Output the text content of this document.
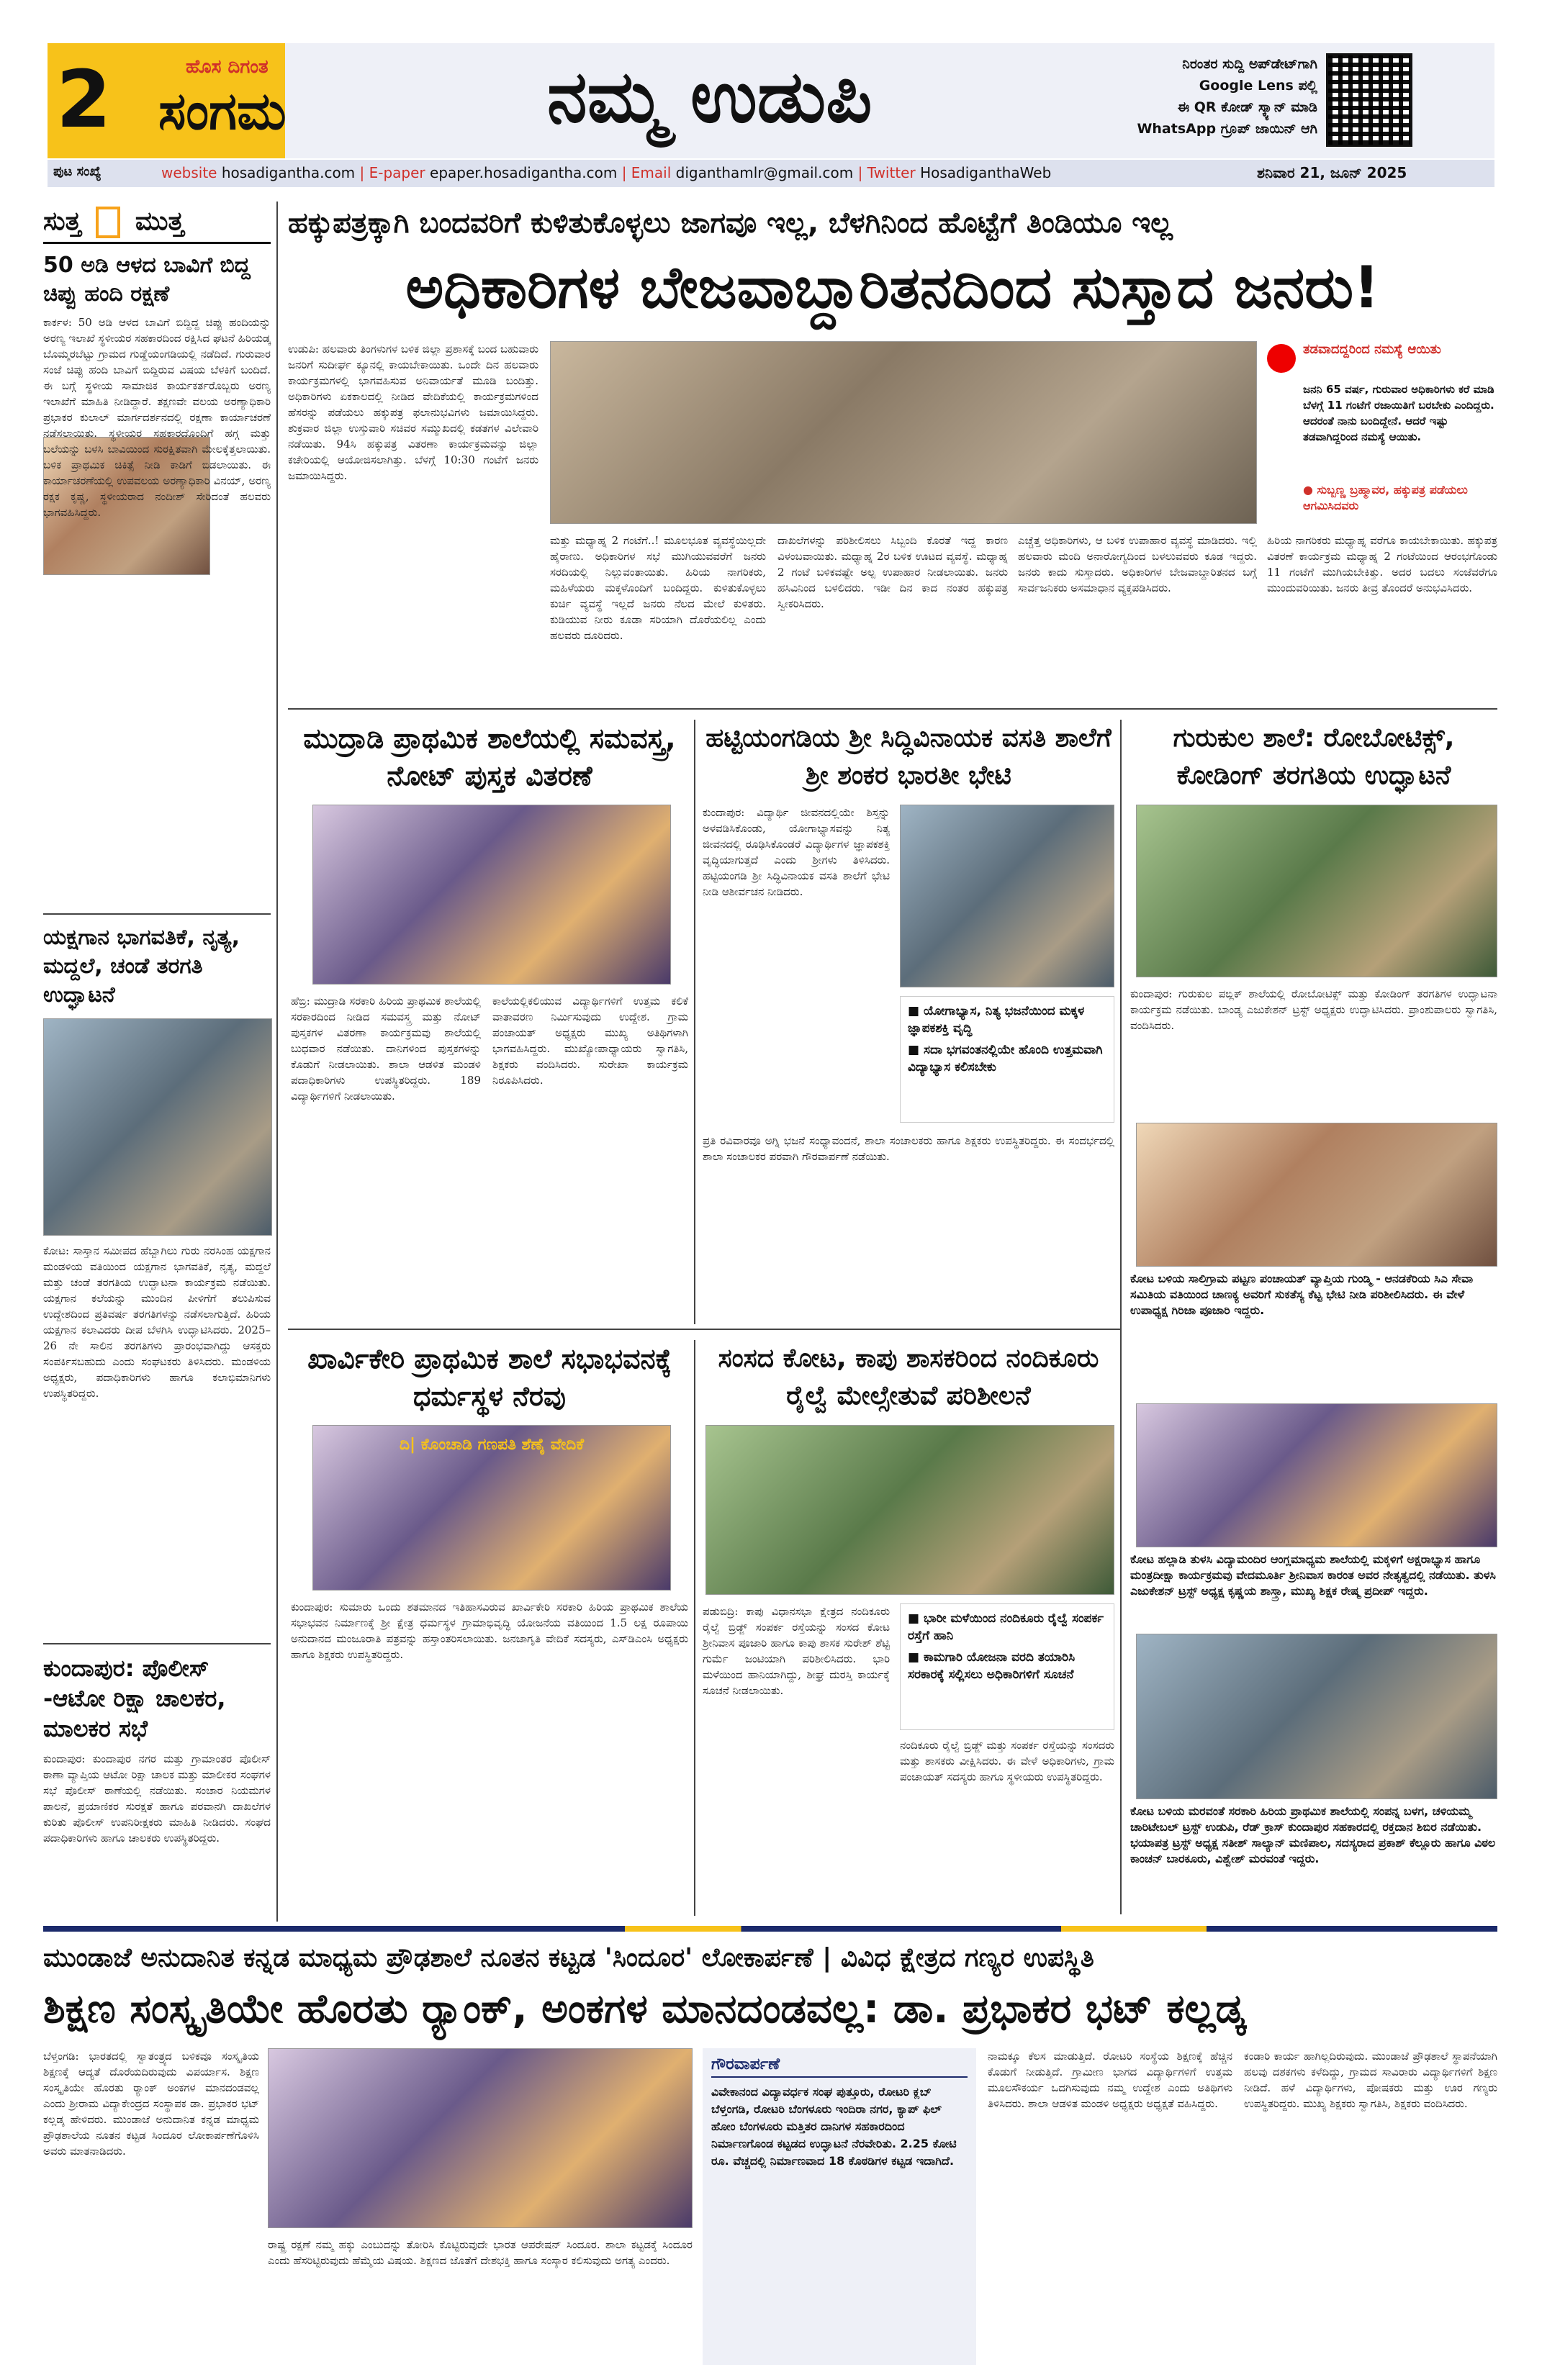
2	ಹೊಸ ದಿಗಂತ
ಸಂಗಮ	ನಮ್ಮ ಉಡುಪಿ	ನಿರಂತರ ಸುದ್ದಿ ಅಪ್‌ಡೇಟ್‌ಗಾಗಿ
Google Lens ಪಲ್ಲಿ
ಈ QR ಕೋಡ್ ಸ್ಕ್ಯಾನ್ ಮಾಡಿ
WhatsApp ಗ್ರೂಪ್ ಜಾಯಿನ್ ಆಗಿ
ಪುಟ ಸಂಖ್ಯೆ	website hosadigantha.com | E-paper epaper.hosadigantha.com | Email diganthamlr@gmail.com | Twitter HosadiganthaWeb	ಶನಿವಾರ 21, ಜೂನ್ 2025
ಸುತ್ತ ಮುತ್ತ
50 ಅಡಿ ಆಳದ ಬಾವಿಗೆ ಬಿದ್ದ ಚಿಪ್ಪು ಹಂದಿ ರಕ್ಷಣೆ
ಕಾರ್ಕಳ: 50 ಅಡಿ ಆಳದ ಬಾವಿಗೆ ಬಿದ್ದಿದ್ದ ಚಿಪ್ಪು ಹಂದಿಯನ್ನು ಅರಣ್ಯ ಇಲಾಖೆ ಸ್ಥಳೀಯರ ಸಹಕಾರದಿಂದ ರಕ್ಷಿಸಿದ ಘಟನೆ ಹಿರಿಯಡ್ಕ ಬೊಮ್ಮರಬೆಟ್ಟು ಗ್ರಾಮದ ಗುಡ್ಡೆಯಂಗಡಿಯಲ್ಲಿ ನಡೆದಿದೆ. ಗುರುವಾರ ಸಂಜೆ ಚಿಪ್ಪು ಹಂದಿ ಬಾವಿಗೆ ಬಿದ್ದಿರುವ ವಿಷಯ ಬೆಳಕಿಗೆ ಬಂದಿದೆ. ಈ ಬಗ್ಗೆ ಸ್ಥಳೀಯ ಸಾಮಾಜಿಕ ಕಾರ್ಯಕರ್ತರೊಬ್ಬರು ಅರಣ್ಯ ಇಲಾಖೆಗೆ ಮಾಹಿತಿ ನೀಡಿದ್ದಾರೆ. ತಕ್ಷಣವೇ ವಲಯ ಅರಣ್ಯಾಧಿಕಾರಿ ಪ್ರಭಾಕರ ಕುಲಾಲ್ ಮಾರ್ಗದರ್ಶನದಲ್ಲಿ ರಕ್ಷಣಾ ಕಾರ್ಯಾಚರಣೆ ನಡೆಸಲಾಯಿತು. ಸ್ಥಳೀಯರ ಸಹಕಾರದೊಂದಿಗೆ ಹಗ್ಗ ಮತ್ತು ಬಲೆಯನ್ನು ಬಳಸಿ ಬಾವಿಯಿಂದ ಸುರಕ್ಷಿತವಾಗಿ ಮೇಲಕ್ಕೆತ್ತಲಾಯಿತು. ಬಳಿಕ ಪ್ರಾಥಮಿಕ ಚಿಕಿತ್ಸೆ ನೀಡಿ ಕಾಡಿಗೆ ಬಿಡಲಾಯಿತು. ಈ ಕಾರ್ಯಾಚರಣೆಯಲ್ಲಿ ಉಪವಲಯ ಅರಣ್ಯಾಧಿಕಾರಿ ವಿನಯ್, ಅರಣ್ಯ ರಕ್ಷಕ ಕೃಷ್ಣ, ಸ್ಥಳೀಯರಾದ ನಂದೀಶ್ ಸೇರಿದಂತೆ ಹಲವರು ಭಾಗವಹಿಸಿದ್ದರು.
ಯಕ್ಷಗಾನ ಭಾಗವತಿಕೆ, ನೃತ್ಯ, ಮದ್ದಲೆ, ಚಂಡೆ ತರಗತಿ ಉದ್ಘಾಟನೆ
ಕೋಟ: ಸಾಸ್ತಾನ ಸಮೀಪದ ಹೆಬ್ಬಾಗಿಲು ಗುರು ನರಸಿಂಹ ಯಕ್ಷಗಾನ ಮಂಡಳಿಯ ವತಿಯಿಂದ ಯಕ್ಷಗಾನ ಭಾಗವತಿಕೆ, ನೃತ್ಯ, ಮದ್ದಲೆ ಮತ್ತು ಚಂಡೆ ತರಗತಿಯ ಉದ್ಘಾಟನಾ ಕಾರ್ಯಕ್ರಮ ನಡೆಯಿತು. ಯಕ್ಷಗಾನ ಕಲೆಯನ್ನು ಮುಂದಿನ ಪೀಳಿಗೆಗೆ ತಲುಪಿಸುವ ಉದ್ದೇಶದಿಂದ ಪ್ರತಿವರ್ಷ ತರಗತಿಗಳನ್ನು ನಡೆಸಲಾಗುತ್ತಿದೆ. ಹಿರಿಯ ಯಕ್ಷಗಾನ ಕಲಾವಿದರು ದೀಪ ಬೆಳಗಿಸಿ ಉದ್ಘಾಟಿಸಿದರು. 2025–26 ನೇ ಸಾಲಿನ ತರಗತಿಗಳು ಪ್ರಾರಂಭವಾಗಿದ್ದು ಆಸಕ್ತರು ಸಂಪರ್ಕಿಸಬಹುದು ಎಂದು ಸಂಘಟಕರು ತಿಳಿಸಿದರು. ಮಂಡಳಿಯ ಅಧ್ಯಕ್ಷರು, ಪದಾಧಿಕಾರಿಗಳು ಹಾಗೂ ಕಲಾಭಿಮಾನಿಗಳು ಉಪಸ್ಥಿತರಿದ್ದರು.
ಕುಂದಾಪುರ: ಪೊಲೀಸ್ -ಆಟೋ ರಿಕ್ಷಾ ಚಾಲಕರ, ಮಾಲಕರ ಸಭೆ
ಕುಂದಾಪುರ: ಕುಂದಾಪುರ ನಗರ ಮತ್ತು ಗ್ರಾಮಾಂತರ ಪೊಲೀಸ್ ಠಾಣಾ ವ್ಯಾಪ್ತಿಯ ಆಟೋ ರಿಕ್ಷಾ ಚಾಲಕ ಮತ್ತು ಮಾಲೀಕರ ಸಂಘಗಳ ಸಭೆ ಪೊಲೀಸ್ ಠಾಣೆಯಲ್ಲಿ ನಡೆಯಿತು. ಸಂಚಾರ ನಿಯಮಗಳ ಪಾಲನೆ, ಪ್ರಯಾಣಿಕರ ಸುರಕ್ಷತೆ ಹಾಗೂ ಪರವಾನಗಿ ದಾಖಲೆಗಳ ಕುರಿತು ಪೊಲೀಸ್ ಉಪನಿರೀಕ್ಷಕರು ಮಾಹಿತಿ ನೀಡಿದರು. ಸಂಘದ ಪದಾಧಿಕಾರಿಗಳು ಹಾಗೂ ಚಾಲಕರು ಉಪಸ್ಥಿತರಿದ್ದರು.
ಹಕ್ಕುಪತ್ರಕ್ಕಾಗಿ ಬಂದವರಿಗೆ ಕುಳಿತುಕೊಳ್ಳಲು ಜಾಗವೂ ಇಲ್ಲ, ಬೆಳಗಿನಿಂದ ಹೊಟ್ಟೆಗೆ ತಿಂಡಿಯೂ ಇಲ್ಲ
ಅಧಿಕಾರಿಗಳ ಬೇಜವಾಬ್ದಾರಿತನದಿಂದ ಸುಸ್ತಾದ ಜನರು!
ಉಡುಪಿ: ಹಲವಾರು ತಿಂಗಳುಗಳ ಬಳಿಕ ಜಿಲ್ಲಾ ಪ್ರಶಾಸಕ್ಕೆ ಬಂದ ಬಹುವಾರು ಜನರಿಗೆ ಸುದೀರ್ಘ ಕ್ಯೂನಲ್ಲಿ ಕಾಯಬೇಕಾಯಿತು. ಒಂದೇ ದಿನ ಹಲವಾರು ಕಾರ್ಯಕ್ರಮಗಳಲ್ಲಿ ಭಾಗವಹಿಸುವ ಅನಿವಾರ್ಯತೆ ಮೂಡಿ ಬಂದಿತ್ತು. ಅಧಿಕಾರಿಗಳು ಏಕಕಾಲದಲ್ಲಿ ನೀಡಿದ ವೇದಿಕೆಯಲ್ಲಿ ಕಾರ್ಯಕ್ರಮಗಳಿಂದ ಹೆಸರನ್ನು ಪಡೆಯಲು ಹಕ್ಕುಪತ್ರ ಫಲಾನುಭವಿಗಳು ಜಮಾಯಿಸಿದ್ದರು. ಶುಕ್ರವಾರ ಜಿಲ್ಲಾ ಉಸ್ತುವಾರಿ ಸಚಿವರ ಸಮ್ಮುಖದಲ್ಲಿ ಕಡತಗಳ ವಿಲೇವಾರಿ ನಡೆಯಿತು. 94ಸಿ ಹಕ್ಕುಪತ್ರ ವಿತರಣಾ ಕಾರ್ಯಕ್ರಮವನ್ನು ಜಿಲ್ಲಾ ಕಚೇರಿಯಲ್ಲಿ ಆಯೋಜಿಸಲಾಗಿತ್ತು. ಬೆಳಗ್ಗೆ 10:30 ಗಂಟೆಗೆ ಜನರು ಜಮಾಯಿಸಿದ್ದರು.
ಮತ್ತು ಮಧ್ಯಾಹ್ನ 2 ಗಂಟೆಗೆ..! ಮೂಲಭೂತ ವ್ಯವಸ್ಥೆಯಿಲ್ಲದೇ ಹೈರಾಣು. ಅಧಿಕಾರಿಗಳ ಸಭೆ ಮುಗಿಯುವವರೆಗೆ ಜನರು ಸರದಿಯಲ್ಲಿ ನಿಲ್ಲುವಂತಾಯಿತು. ಹಿರಿಯ ನಾಗರಿಕರು, ಮಹಿಳೆಯರು ಮಕ್ಕಳೊಂದಿಗೆ ಬಂದಿದ್ದರು. ಕುಳಿತುಕೊಳ್ಳಲು ಕುರ್ಚಿ ವ್ಯವಸ್ಥೆ ಇಲ್ಲದೆ ಜನರು ನೆಲದ ಮೇಲೆ ಕುಳಿತರು. ಕುಡಿಯುವ ನೀರು ಕೂಡಾ ಸರಿಯಾಗಿ ದೊರೆಯಲಿಲ್ಲ ಎಂದು ಹಲವರು ದೂರಿದರು.
ದಾಖಲೆಗಳನ್ನು ಪರಿಶೀಲಿಸಲು ಸಿಬ್ಬಂದಿ ಕೊರತೆ ಇದ್ದ ಕಾರಣ ವಿಳಂಬವಾಯಿತು. ಮಧ್ಯಾಹ್ನ 2ರ ಬಳಿಕ ಊಟದ ವ್ಯವಸ್ಥೆ. ಮಧ್ಯಾಹ್ನ 2 ಗಂಟೆ ಬಳಿಕವಷ್ಟೇ ಅಲ್ಪ ಉಪಾಹಾರ ನೀಡಲಾಯಿತು. ಜನರು ಹಸಿವಿನಿಂದ ಬಳಲಿದರು. ಇಡೀ ದಿನ ಕಾದ ನಂತರ ಹಕ್ಕುಪತ್ರ ಸ್ವೀಕರಿಸಿದರು.
ಎಚ್ಚೆತ್ತ ಅಧಿಕಾರಿಗಳು, ಆ ಬಳಿಕ ಉಪಾಹಾರ ವ್ಯವಸ್ಥೆ ಮಾಡಿದರು. ಇಲ್ಲಿ ಹಲವಾರು ಮಂದಿ ಅನಾರೋಗ್ಯದಿಂದ ಬಳಲುವವರು ಕೂಡ ಇದ್ದರು. ಜನರು ಕಾದು ಸುಸ್ತಾದರು. ಅಧಿಕಾರಿಗಳ ಬೇಜವಾಬ್ದಾರಿತನದ ಬಗ್ಗೆ ಸಾರ್ವಜನಿಕರು ಅಸಮಾಧಾನ ವ್ಯಕ್ತಪಡಿಸಿದರು.
ತಡವಾದದ್ದರಿಂದ ನಮಸ್ಯೆ ಆಯಿತು
ಜನನಿ 65 ವರ್ಷ, ಗುರುವಾರ ಅಧಿಕಾರಿಗಳು ಕರೆ ಮಾಡಿ ಬೆಳಗ್ಗೆ 11 ಗಂಟೆಗೆ ರಜಾಯಿತಿಗೆ ಬರಬೇಕು ಎಂದಿದ್ದರು. ಆದರಂತೆ ನಾನು ಬಂದಿದ್ದೇನೆ. ಆದರೆ ಇಷ್ಟು ತಡವಾಗಿದ್ದರಿಂದ ನಮಸ್ಯೆ ಆಯಿತು.
● ಸುಬ್ಬಣ್ಣ ಬ್ರಹ್ಮಾವರ, ಹಕ್ಕುಪತ್ರ ಪಡೆಯಲು ಆಗಮಿಸಿದವರು
ಹಿರಿಯ ನಾಗರಿಕರು ಮಧ್ಯಾಹ್ನ ವರೆಗೂ ಕಾಯಬೇಕಾಯಿತು. ಹಕ್ಕುಪತ್ರ ವಿತರಣೆ ಕಾರ್ಯಕ್ರಮ ಮಧ್ಯಾಹ್ನ 2 ಗಂಟೆಯಿಂದ ಆರಂಭಗೊಂಡು 11 ಗಂಟೆಗೆ ಮುಗಿಯಬೇಕಿತ್ತು. ಅದರ ಬದಲು ಸಂಜೆವರೆಗೂ ಮುಂದುವರಿಯಿತು. ಜನರು ತೀವ್ರ ತೊಂದರೆ ಅನುಭವಿಸಿದರು.
ಮುದ್ರಾಡಿ ಪ್ರಾಥಮಿಕ ಶಾಲೆಯಲ್ಲಿ ಸಮವಸ್ತ್ರ, ನೋಟ್ ಪುಸ್ತಕ ವಿತರಣೆ
ಹೆಬ್ರಿ: ಮುದ್ರಾಡಿ ಸರಕಾರಿ ಹಿರಿಯ ಪ್ರಾಥಮಿಕ ಶಾಲೆಯಲ್ಲಿ ಸರಕಾರದಿಂದ ನೀಡಿದ ಸಮವಸ್ತ್ರ ಮತ್ತು ನೋಟ್ ಪುಸ್ತಕಗಳ ವಿತರಣಾ ಕಾರ್ಯಕ್ರಮವು ಶಾಲೆಯಲ್ಲಿ ಬುಧವಾರ ನಡೆಯಿತು. ದಾನಿಗಳಿಂದ ಪುಸ್ತಕಗಳನ್ನು ಕೊಡುಗೆ ನೀಡಲಾಯಿತು. ಶಾಲಾ ಆಡಳಿತ ಮಂಡಳಿ ಪದಾಧಿಕಾರಿಗಳು ಉಪಸ್ಥಿತರಿದ್ದರು. 189 ವಿದ್ಯಾರ್ಥಿಗಳಿಗೆ ನೀಡಲಾಯಿತು.
ಕಾಲೆಯಲ್ಲಿಕಲಿಯುವ ವಿದ್ಯಾರ್ಥಿಗಳಿಗೆ ಉತ್ತಮ ಕಲಿಕೆ ವಾತಾವರಣ ನಿರ್ಮಿಸುವುದು ಉದ್ದೇಶ. ಗ್ರಾಮ ಪಂಚಾಯತ್ ಅಧ್ಯಕ್ಷರು ಮುಖ್ಯ ಅತಿಥಿಗಳಾಗಿ ಭಾಗವಹಿಸಿದ್ದರು. ಮುಖ್ಯೋಪಾಧ್ಯಾಯರು ಸ್ವಾಗತಿಸಿ, ಶಿಕ್ಷಕರು ವಂದಿಸಿದರು. ಸುರೇಖಾ ಕಾರ್ಯಕ್ರಮ ನಿರೂಪಿಸಿದರು.
ಹಟ್ಟಿಯಂಗಡಿಯ ಶ್ರೀ ಸಿದ್ಧಿವಿನಾಯಕ ವಸತಿ ಶಾಲೆಗೆ ಶ್ರೀ ಶಂಕರ ಭಾರತೀ ಭೇಟಿ
ಕುಂದಾಪುರ: ವಿದ್ಯಾರ್ಥಿ ಜೀವನದಲ್ಲಿಯೇ ಶಿಸ್ತನ್ನು ಅಳವಡಿಸಿಕೊಂಡು, ಯೋಗಾಭ್ಯಾಸವನ್ನು ನಿತ್ಯ ಜೀವನದಲ್ಲಿ ರೂಢಿಸಿಕೊಂಡರೆ ವಿದ್ಯಾರ್ಥಿಗಳ ಜ್ಞಾಪಕಶಕ್ತಿ ವೃದ್ಧಿಯಾಗುತ್ತದೆ ಎಂದು ಶ್ರೀಗಳು ತಿಳಿಸಿದರು. ಹಟ್ಟಿಯಂಗಡಿ ಶ್ರೀ ಸಿದ್ಧಿವಿನಾಯಕ ವಸತಿ ಶಾಲೆಗೆ ಭೇಟಿ ನೀಡಿ ಆಶೀರ್ವಚನ ನೀಡಿದರು.
■ ಯೋಗಾಭ್ಯಾಸ, ನಿತ್ಯ ಭಜನೆಯಿಂದ ಮಕ್ಕಳ ಜ್ಞಾಪಕಶಕ್ತಿ ವೃದ್ಧಿ
■ ಸದಾ ಭಗವಂತನಲ್ಲಿಯೇ ಹೊಂದಿ ಉತ್ತಮವಾಗಿ ವಿದ್ಯಾಭ್ಯಾಸ ಕಲಿಸಬೇಕು
ಪ್ರತಿ ರವಿವಾರವೂ ಅಗ್ನಿ ಭಜನೆ ಸಂಧ್ಯಾವಂದನೆ, ಶಾಲಾ ಸಂಚಾಲಕರು ಹಾಗೂ ಶಿಕ್ಷಕರು ಉಪಸ್ಥಿತರಿದ್ದರು. ಈ ಸಂದರ್ಭದಲ್ಲಿ ಶಾಲಾ ಸಂಚಾಲಕರ ಪರವಾಗಿ ಗೌರವಾರ್ಪಣೆ ನಡೆಯಿತು.
ಗುರುಕುಲ ಶಾಲೆ: ರೋಬೋಟಿಕ್ಸ್, ಕೋಡಿಂಗ್ ತರಗತಿಯ ಉದ್ಘಾಟನೆ
ಕುಂದಾಪುರ: ಗುರುಕುಲ ಪಬ್ಲಿಕ್ ಶಾಲೆಯಲ್ಲಿ ರೋಬೋಟಿಕ್ಸ್ ಮತ್ತು ಕೋಡಿಂಗ್ ತರಗತಿಗಳ ಉದ್ಘಾಟನಾ ಕಾರ್ಯಕ್ರಮ ನಡೆಯಿತು. ಬಾಂಡ್ಯ ಎಜುಕೇಶನ್ ಟ್ರಸ್ಟ್ ಅಧ್ಯಕ್ಷರು ಉದ್ಘಾಟಿಸಿದರು. ಪ್ರಾಂಶುಪಾಲರು ಸ್ವಾಗತಿಸಿ, ವಂದಿಸಿದರು.
ಕೋಟ ಬಳಿಯ ಸಾಲಿಗ್ರಾಮ ಪಟ್ಟಣ ಪಂಚಾಯತ್ ವ್ಯಾಪ್ತಿಯ ಗುಂಡ್ಮಿ - ಆನಡಕೆರಿಯ ಸಿಎ ಸೇವಾ ಸಮಿತಿಯ ವತಿಯಿಂದ ಚಾಣಕ್ಯ ಅವರಿಗೆ ಸುಕತೆಸ್ಯ ಕೆಟ್ಟ ಭೇಟಿ ನೀಡಿ ಪರಿಶೀಲಿಸಿದರು. ಈ ವೇಳೆ ಉಪಾಧ್ಯಕ್ಷ ಗಿರಿಜಾ ಪೂಜಾರಿ ಇದ್ದರು.
ಕೋಟ ಹಲ್ಲಾಡಿ ತುಳಸಿ ವಿದ್ಯಾಮಂದಿರ ಆಂಗ್ಲಮಾಧ್ಯಮ ಶಾಲೆಯಲ್ಲಿ ಮಕ್ಕಳಿಗೆ ಅಕ್ಷರಾಭ್ಯಾಸ ಹಾಗೂ ಮಂತ್ರದೀಕ್ಷಾ ಕಾರ್ಯಕ್ರಮವು ವೇದಮೂರ್ತಿ ಶ್ರೀನಿವಾಸ ಕಾರಂತ ಅವರ ನೇತೃತ್ವದಲ್ಲಿ ನಡೆಯಿತು. ತುಳಸಿ ಎಜುಕೇಶನ್ ಟ್ರಸ್ಟ್ ಅಧ್ಯಕ್ಷ ಕೃಷ್ಣಯ ಶಾಸ್ತ್ರಾ, ಮುಖ್ಯ ಶಿಕ್ಷಕ ರೇಷ್ಮ ಪ್ರದೀಪ್ ಇದ್ದರು.
ಕೋಟ ಬಳಿಯ ಮರವಂತೆ ಸರಕಾರಿ ಹಿರಿಯ ಪ್ರಾಥಮಿಕ ಶಾಲೆಯಲ್ಲಿ ಸಂಪನ್ನ ಬಳಗ, ಚಳಿಯಮ್ಮ ಚಾರಿಟೇಬಲ್ ಟ್ರಸ್ಟ್ ಉಡುಪಿ, ರೆಡ್ ಕ್ರಾಸ್ ಕುಂದಾಪುರ ಸಹಕಾರದಲ್ಲಿ ರಕ್ತದಾನ ಶಿಬಿರ ನಡೆಯಿತು. ಭಯಾಪತ್ರ ಟ್ರಸ್ಟ್ ಅಧ್ಯಕ್ಷ ಸತೀಶ್ ಸಾಲ್ಯಾನ್ ಮಣಿಪಾಲ, ಸದಸ್ಯರಾದ ಪ್ರಕಾಶ್ ಕೆಲ್ಲೂರು ಹಾಗೂ ವಿಠಲ ಕಾಂಚನ್ ಬಾರಕೂರು, ವಿಶ್ವೇಶ್ ಮರವಂತೆ ಇದ್ದರು.
ಖಾರ್ವಿಕೇರಿ ಪ್ರಾಥಮಿಕ ಶಾಲೆ ಸಭಾಭವನಕ್ಕೆ ಧರ್ಮಸ್ಥಳ ನೆರವು
ದಿ| ಕೊಂಚಾಡಿ ಗಣಪತಿ ಶೆಣೈ ವೇದಿಕೆ
ಕುಂದಾಪುರ: ಸುಮಾರು ಒಂದು ಶತಮಾನದ ಇತಿಹಾಸವಿರುವ ಖಾರ್ವಿಕೇರಿ ಸರಕಾರಿ ಹಿರಿಯ ಪ್ರಾಥಮಿಕ ಶಾಲೆಯ ಸಭಾಭವನ ನಿರ್ಮಾಣಕ್ಕೆ ಶ್ರೀ ಕ್ಷೇತ್ರ ಧರ್ಮಸ್ಥಳ ಗ್ರಾಮಾಭಿವೃದ್ಧಿ ಯೋಜನೆಯ ವತಿಯಿಂದ 1.5 ಲಕ್ಷ ರೂಪಾಯಿ ಅನುದಾನದ ಮಂಜೂರಾತಿ ಪತ್ರವನ್ನು ಹಸ್ತಾಂತರಿಸಲಾಯಿತು. ಜನಜಾಗೃತಿ ವೇದಿಕೆ ಸದಸ್ಯರು, ಎಸ್‌ಡಿಎಂಸಿ ಅಧ್ಯಕ್ಷರು ಹಾಗೂ ಶಿಕ್ಷಕರು ಉಪಸ್ಥಿತರಿದ್ದರು.
ಸಂಸದ ಕೋಟ, ಕಾಪು ಶಾಸಕರಿಂದ ನಂದಿಕೂರು ರೈಲ್ವೆ ಮೇಲ್ಸೇತುವೆ ಪರಿಶೀಲನೆ
ಪಡುಬಿದ್ರಿ: ಕಾಪು ವಿಧಾನಸಭಾ ಕ್ಷೇತ್ರದ ನಂದಿಕೂರು ರೈಲ್ವೆ ಬ್ರಿಡ್ಜ್ ಸಂಪರ್ಕ ರಸ್ತೆಯನ್ನು ಸಂಸದ ಕೋಟ ಶ್ರೀನಿವಾಸ ಪೂಜಾರಿ ಹಾಗೂ ಕಾಪು ಶಾಸಕ ಸುರೇಶ್ ಶೆಟ್ಟಿ ಗುರ್ಮೆ ಜಂಟಿಯಾಗಿ ಪರಿಶೀಲಿಸಿದರು. ಭಾರಿ ಮಳೆಯಿಂದ ಹಾನಿಯಾಗಿದ್ದು, ಶೀಘ್ರ ದುರಸ್ತಿ ಕಾರ್ಯಕ್ಕೆ ಸೂಚನೆ ನೀಡಲಾಯಿತು.
■ ಭಾರೀ ಮಳೆಯಿಂದ ನಂದಿಕೂರು ರೈಲ್ವೆ ಸಂಪರ್ಕ ರಸ್ತೆಗೆ ಹಾನಿ
■ ಕಾಮಗಾರಿ ಯೋಜನಾ ವರದಿ ತಯಾರಿಸಿ ಸರಕಾರಕ್ಕೆ ಸಲ್ಲಿಸಲು ಅಧಿಕಾರಿಗಳಿಗೆ ಸೂಚನೆ
ನಂದಿಕೂರು ರೈಲ್ವೆ ಬ್ರಿಡ್ಜ್ ಮತ್ತು ಸಂಪರ್ಕ ರಸ್ತೆಯನ್ನು ಸಂಸದರು ಮತ್ತು ಶಾಸಕರು ವೀಕ್ಷಿಸಿದರು. ಈ ವೇಳೆ ಅಧಿಕಾರಿಗಳು, ಗ್ರಾಮ ಪಂಚಾಯತ್ ಸದಸ್ಯರು ಹಾಗೂ ಸ್ಥಳೀಯರು ಉಪಸ್ಥಿತರಿದ್ದರು.
ಮುಂಡಾಜೆ ಅನುದಾನಿತ ಕನ್ನಡ ಮಾಧ್ಯಮ ಪ್ರೌಢಶಾಲೆ ನೂತನ ಕಟ್ಟಡ 'ಸಿಂದೂರ' ಲೋಕಾರ್ಪಣೆ | ವಿವಿಧ ಕ್ಷೇತ್ರದ ಗಣ್ಯರ ಉಪಸ್ಥಿತಿ
ಶಿಕ್ಷಣ ಸಂಸ್ಕೃತಿಯೇ ಹೊರತು ರ್‍ಯಾಂಕ್, ಅಂಕಗಳ ಮಾನದಂಡವಲ್ಲ: ಡಾ. ಪ್ರಭಾಕರ ಭಟ್ ಕಲ್ಲಡ್ಕ
ಬೆಳ್ತಂಗಡಿ: ಭಾರತದಲ್ಲಿ ಸ್ವಾತಂತ್ರ್ಯದ ಬಳಿಕವೂ ಸಂಸ್ಕೃತಿಯ ಶಿಕ್ಷಣಕ್ಕೆ ಆದ್ಯತೆ ದೊರೆಯದಿರುವುದು ವಿಪರ್ಯಾಸ. ಶಿಕ್ಷಣ ಸಂಸ್ಕೃತಿಯೇ ಹೊರತು ರ್‍ಯಾಂಕ್ ಅಂಕಗಳ ಮಾನದಂಡವಲ್ಲ ಎಂದು ಶ್ರೀರಾಮ ವಿದ್ಯಾಕೇಂದ್ರದ ಸಂಸ್ಥಾಪಕ ಡಾ. ಪ್ರಭಾಕರ ಭಟ್ ಕಲ್ಲಡ್ಕ ಹೇಳಿದರು. ಮುಂಡಾಜೆ ಅನುದಾನಿತ ಕನ್ನಡ ಮಾಧ್ಯಮ ಪ್ರೌಢಶಾಲೆಯ ನೂತನ ಕಟ್ಟಡ ಸಿಂದೂರ ಲೋಕಾರ್ಪಣೆಗೊಳಿಸಿ ಅವರು ಮಾತನಾಡಿದರು.
ರಾಷ್ಟ್ರ ರಕ್ಷಣೆ ನಮ್ಮ ಹಕ್ಕು ಎಂಬುದನ್ನು ತೋರಿಸಿ ಕೊಟ್ಟಿರುವುದೇ ಭಾರತ ಆಪರೇಷನ್ ಸಿಂದೂರ. ಶಾಲಾ ಕಟ್ಟಡಕ್ಕೆ ಸಿಂದೂರ ಎಂದು ಹೆಸರಿಟ್ಟಿರುವುದು ಹೆಮ್ಮೆಯ ವಿಷಯ. ಶಿಕ್ಷಣದ ಜೊತೆಗೆ ದೇಶಭಕ್ತಿ ಹಾಗೂ ಸಂಸ್ಕಾರ ಕಲಿಸುವುದು ಅಗತ್ಯ ಎಂದರು.
ಗೌರವಾರ್ಪಣೆ
ವಿವೇಕಾನಂದ ವಿದ್ಯಾವರ್ಧಕ ಸಂಘ ಪುತ್ತೂರು, ರೋಟರಿ ಕ್ಲಬ್ ಬೆಳ್ತಂಗಡಿ, ರೋಟರಿ ಬೆಂಗಳೂರು ಇಂದಿರಾ ನಗರ, ಕ್ಯಾಪ್ ಫಿಲ್ ಹೋಂ ಬೆಂಗಳೂರು ಮತ್ತಿತರ ದಾನಿಗಳ ಸಹಕಾರದಿಂದ ನಿರ್ಮಾಣಗೊಂಡ ಕಟ್ಟಡದ ಉದ್ಘಾಟನೆ ನೆರವೇರಿತು. 2.25 ಕೋಟಿ ರೂ. ವೆಚ್ಚದಲ್ಲಿ ನಿರ್ಮಾಣವಾದ 18 ಕೊಠಡಿಗಳ ಕಟ್ಟಡ ಇದಾಗಿದೆ.
ನಾಮಕ್ಕೂ ಕೆಲಸ ಮಾಡುತ್ತಿದೆ. ರೋಟರಿ ಸಂಸ್ಥೆಯ ಶಿಕ್ಷಣಕ್ಕೆ ಹೆಚ್ಚಿನ ಕೊಡುಗೆ ನೀಡುತ್ತಿದೆ. ಗ್ರಾಮೀಣ ಭಾಗದ ವಿದ್ಯಾರ್ಥಿಗಳಿಗೆ ಉತ್ತಮ ಮೂಲಸೌಕರ್ಯ ಒದಗಿಸುವುದು ನಮ್ಮ ಉದ್ದೇಶ ಎಂದು ಅತಿಥಿಗಳು ತಿಳಿಸಿದರು. ಶಾಲಾ ಆಡಳಿತ ಮಂಡಳಿ ಅಧ್ಯಕ್ಷರು ಅಧ್ಯಕ್ಷತೆ ವಹಿಸಿದ್ದರು.
ಕಂಡಾರಿ ಕಾರ್ಯ ಹಾಗಿಲ್ಲದಿರುವುದು. ಮುಂಡಾಜೆ ಪ್ರೌಢಶಾಲೆ ಸ್ಥಾಪನೆಯಾಗಿ ಹಲವು ದಶಕಗಳು ಕಳೆದಿದ್ದು, ಗ್ರಾಮದ ಸಾವಿರಾರು ವಿದ್ಯಾರ್ಥಿಗಳಿಗೆ ಶಿಕ್ಷಣ ನೀಡಿದೆ. ಹಳೆ ವಿದ್ಯಾರ್ಥಿಗಳು, ಪೋಷಕರು ಮತ್ತು ಊರ ಗಣ್ಯರು ಉಪಸ್ಥಿತರಿದ್ದರು. ಮುಖ್ಯ ಶಿಕ್ಷಕರು ಸ್ವಾಗತಿಸಿ, ಶಿಕ್ಷಕರು ವಂದಿಸಿದರು.
